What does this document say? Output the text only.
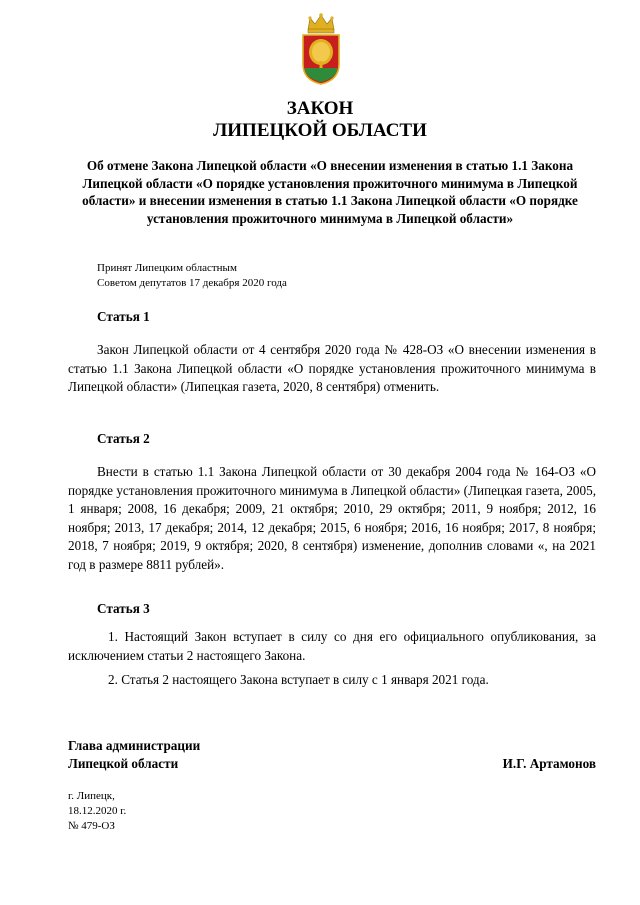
ЗАКОН
ЛИПЕЦКОЙ ОБЛАСТИ
Об отмене Закона Липецкой области «О внесении изменения в статью 1.1 Закона Липецкой области «О порядке установления прожиточного минимума в Липецкой области» и внесении изменения в статью 1.1 Закона Липецкой области «О порядке установления прожиточного минимума в Липецкой области»
Принят Липецким областным
Советом депутатов 17 декабря 2020 года
Статья 1
Закон Липецкой области от 4 сентября 2020 года № 428-ОЗ «О внесении изменения в статью 1.1 Закона Липецкой области «О порядке установления прожиточного минимума в Липецкой области» (Липецкая газета, 2020, 8 сентября) отменить.
Статья 2
Внести в статью 1.1 Закона Липецкой области от 30 декабря 2004 года № 164-ОЗ «О порядке установления прожиточного минимума в Липецкой области» (Липецкая газета, 2005, 1 января; 2008, 16 декабря; 2009, 21 октября; 2010, 29 октября; 2011, 9 ноября; 2012, 16 ноября; 2013, 17 декабря; 2014, 12 декабря; 2015, 6 ноября; 2016, 16 ноября; 2017, 8 ноября; 2018, 7 ноября; 2019, 9 октября; 2020, 8 сентября) изменение, дополнив словами «, на 2021 год в размере 8811 рублей».
Статья 3
1. Настоящий Закон вступает в силу со дня его официального опубликования, за исключением статьи 2 настоящего Закона.
2. Статья 2 настоящего Закона вступает в силу с 1 января 2021 года.
Глава администрации
Липецкой области	И.Г. Артамонов
г. Липецк,
18.12.2020 г.
№ 479-ОЗ
